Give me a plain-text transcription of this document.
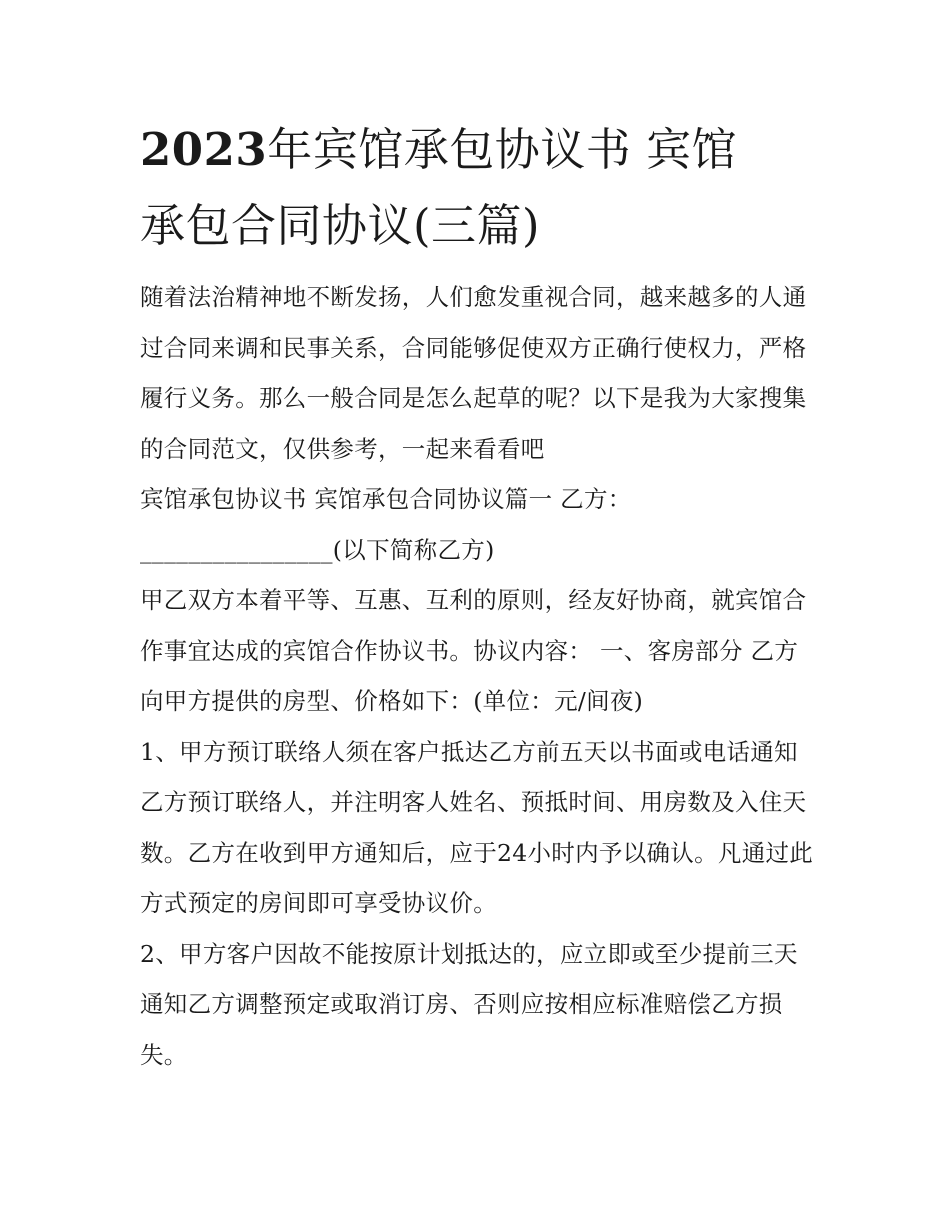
2023年宾馆承包协议书 宾馆
承包合同协议(三篇)
随着法治精神地不断发扬，人们愈发重视合同，越来越多的人通过合同来调和民事关系，合同能够促使双方正确行使权力，严格履行义务。那么一般合同是怎么起草的呢？以下是我为大家搜集的合同范文，仅供参考，一起来看看吧
宾馆承包协议书 宾馆承包合同协议篇一 乙方：
________________(以下简称乙方)
甲乙双方本着平等、互惠、互利的原则，经友好协商，就宾馆合作事宜达成的宾馆合作协议书。协议内容： 一、客房部分 乙方向甲方提供的房型、价格如下：(单位：元/间夜)
1、甲方预订联络人须在客户抵达乙方前五天以书面或电话通知乙方预订联络人，并注明客人姓名、预抵时间、用房数及入住天数。乙方在收到甲方通知后，应于24小时内予以确认。凡通过此方式预定的房间即可享受协议价。
2、甲方客户因故不能按原计划抵达的，应立即或至少提前三天通知乙方调整预定或取消订房、否则应按相应标准赔偿乙方损失。
